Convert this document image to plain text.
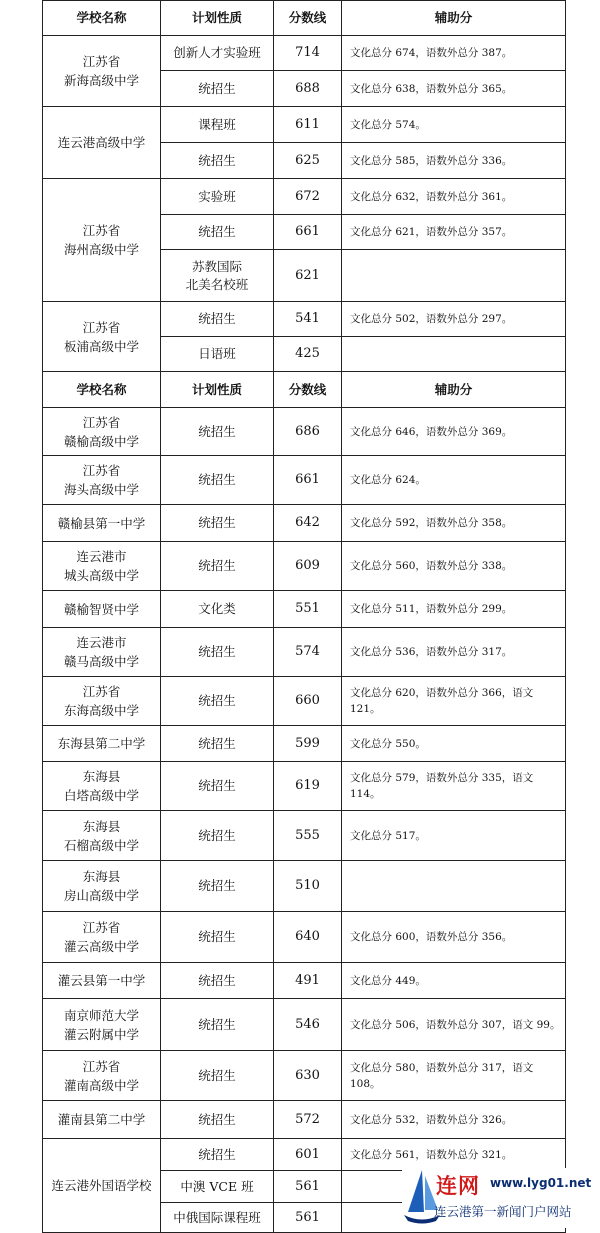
学校名称	计划性质	分数线	辅助分
江苏省
新海高级中学	创新人才实验班	714	文化总分 674，语数外总分 387。
	统招生	688	文化总分 638，语数外总分 365。
连云港高级中学	课程班	611	文化总分 574。
	统招生	625	文化总分 585，语数外总分 336。
江苏省
海州高级中学	实验班	672	文化总分 632，语数外总分 361。
	统招生	661	文化总分 621，语数外总分 357。
	苏教国际
北美名校班	621	
江苏省
板浦高级中学	统招生	541	文化总分 502，语数外总分 297。
	日语班	425	
学校名称	计划性质	分数线	辅助分
江苏省
赣榆高级中学	统招生	686	文化总分 646，语数外总分 369。
江苏省
海头高级中学	统招生	661	文化总分 624。
赣榆县第一中学	统招生	642	文化总分 592，语数外总分 358。
连云港市
城头高级中学	统招生	609	文化总分 560，语数外总分 338。
赣榆智贤中学	文化类	551	文化总分 511，语数外总分 299。
连云港市
赣马高级中学	统招生	574	文化总分 536，语数外总分 317。
江苏省
东海高级中学	统招生	660	文化总分 620，语数外总分 366，语文 121。
东海县第二中学	统招生	599	文化总分 550。
东海县
白塔高级中学	统招生	619	文化总分 579，语数外总分 335，语文 114。
东海县
石榴高级中学	统招生	555	文化总分 517。
东海县
房山高级中学	统招生	510	
江苏省
灌云高级中学	统招生	640	文化总分 600，语数外总分 356。
灌云县第一中学	统招生	491	文化总分 449。
南京师范大学
灌云附属中学	统招生	546	文化总分 506，语数外总分 307，语文 99。
江苏省
灌南高级中学	统招生	630	文化总分 580，语数外总分 317，语文 108。
灌南县第二中学	统招生	572	文化总分 532，语数外总分 326。
连云港外国语学校	统招生	601	文化总分 561，语数外总分 321。
	中澳 VCE 班	561	
	中俄国际课程班	561	
连网 www.lyg01.net
连云港第一新闻门户网站
